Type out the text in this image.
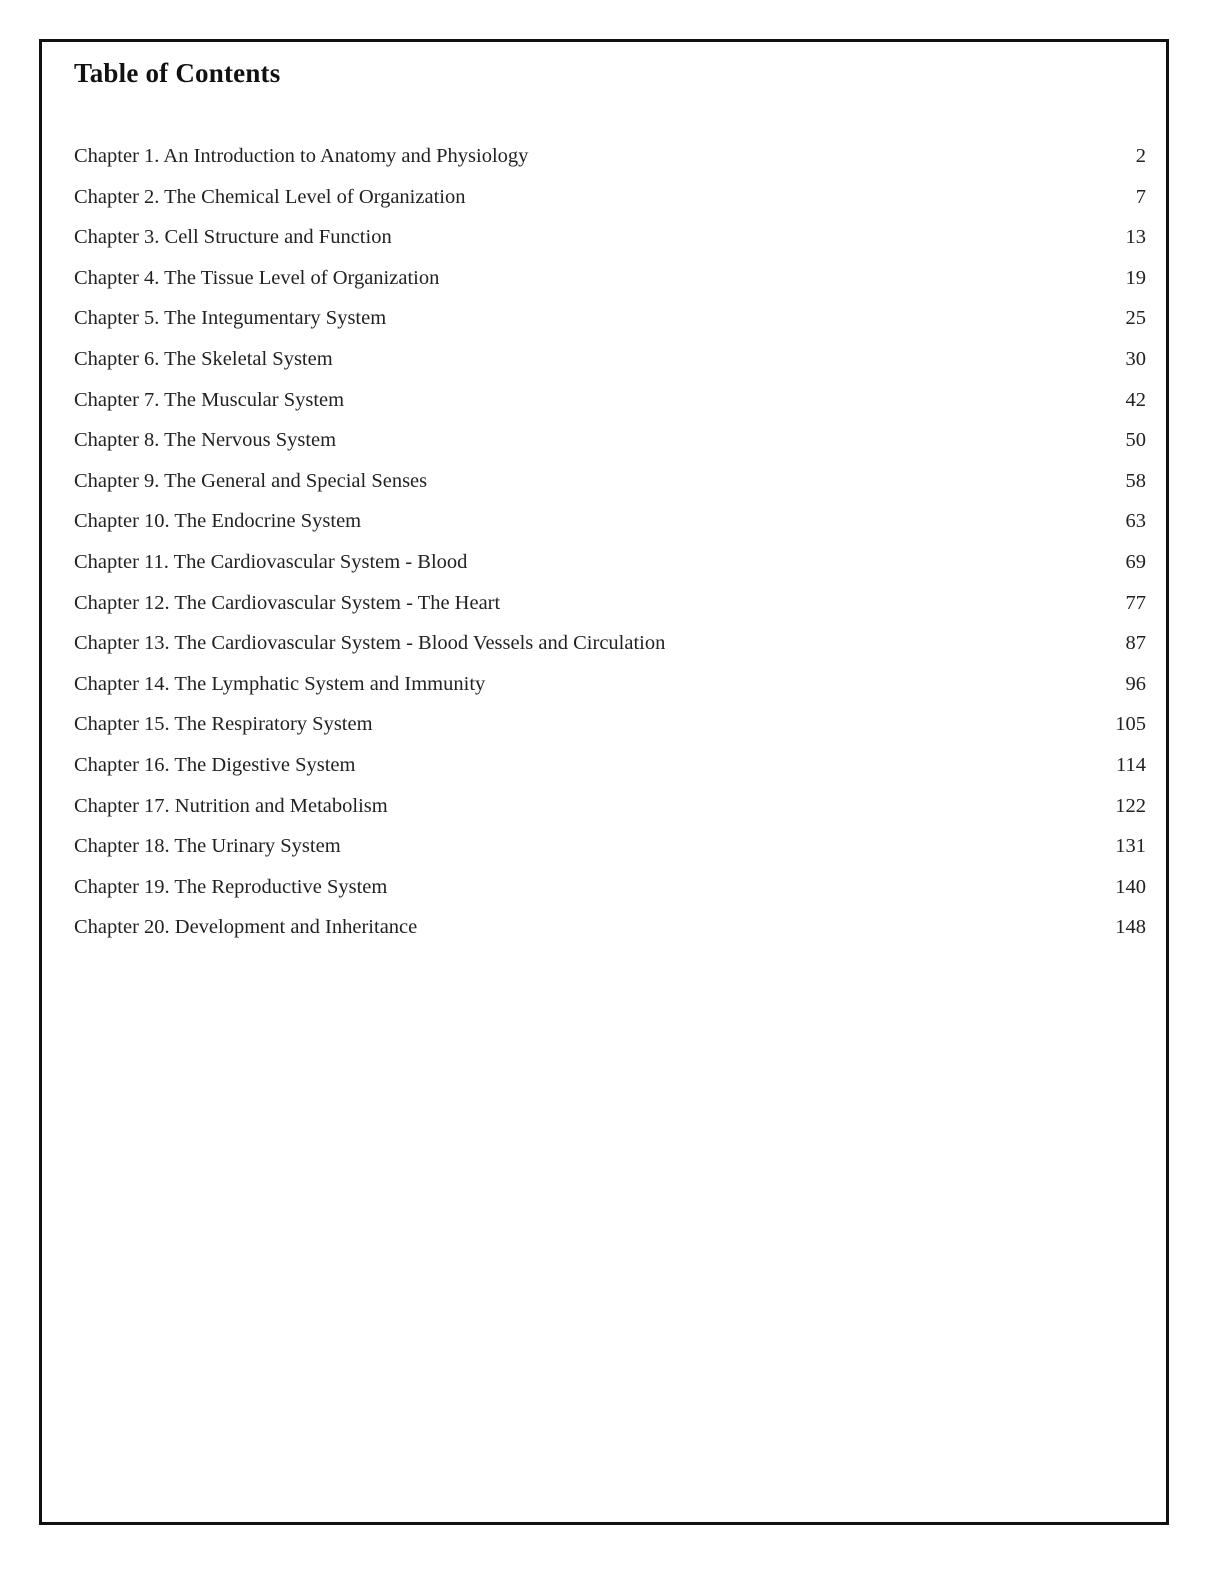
Table of Contents
Chapter 1. An Introduction to Anatomy and Physiology	2
Chapter 2. The Chemical Level of Organization	7
Chapter 3. Cell Structure and Function	13
Chapter 4. The Tissue Level of Organization	19
Chapter 5. The Integumentary System	25
Chapter 6. The Skeletal System	30
Chapter 7. The Muscular System	42
Chapter 8. The Nervous System	50
Chapter 9. The General and Special Senses	58
Chapter 10. The Endocrine System	63
Chapter 11. The Cardiovascular System - Blood	69
Chapter 12. The Cardiovascular System - The Heart	77
Chapter 13. The Cardiovascular System - Blood Vessels and Circulation	87
Chapter 14. The Lymphatic System and Immunity	96
Chapter 15. The Respiratory System	105
Chapter 16. The Digestive System	114
Chapter 17. Nutrition and Metabolism	122
Chapter 18. The Urinary System	131
Chapter 19. The Reproductive System	140
Chapter 20. Development and Inheritance	148
